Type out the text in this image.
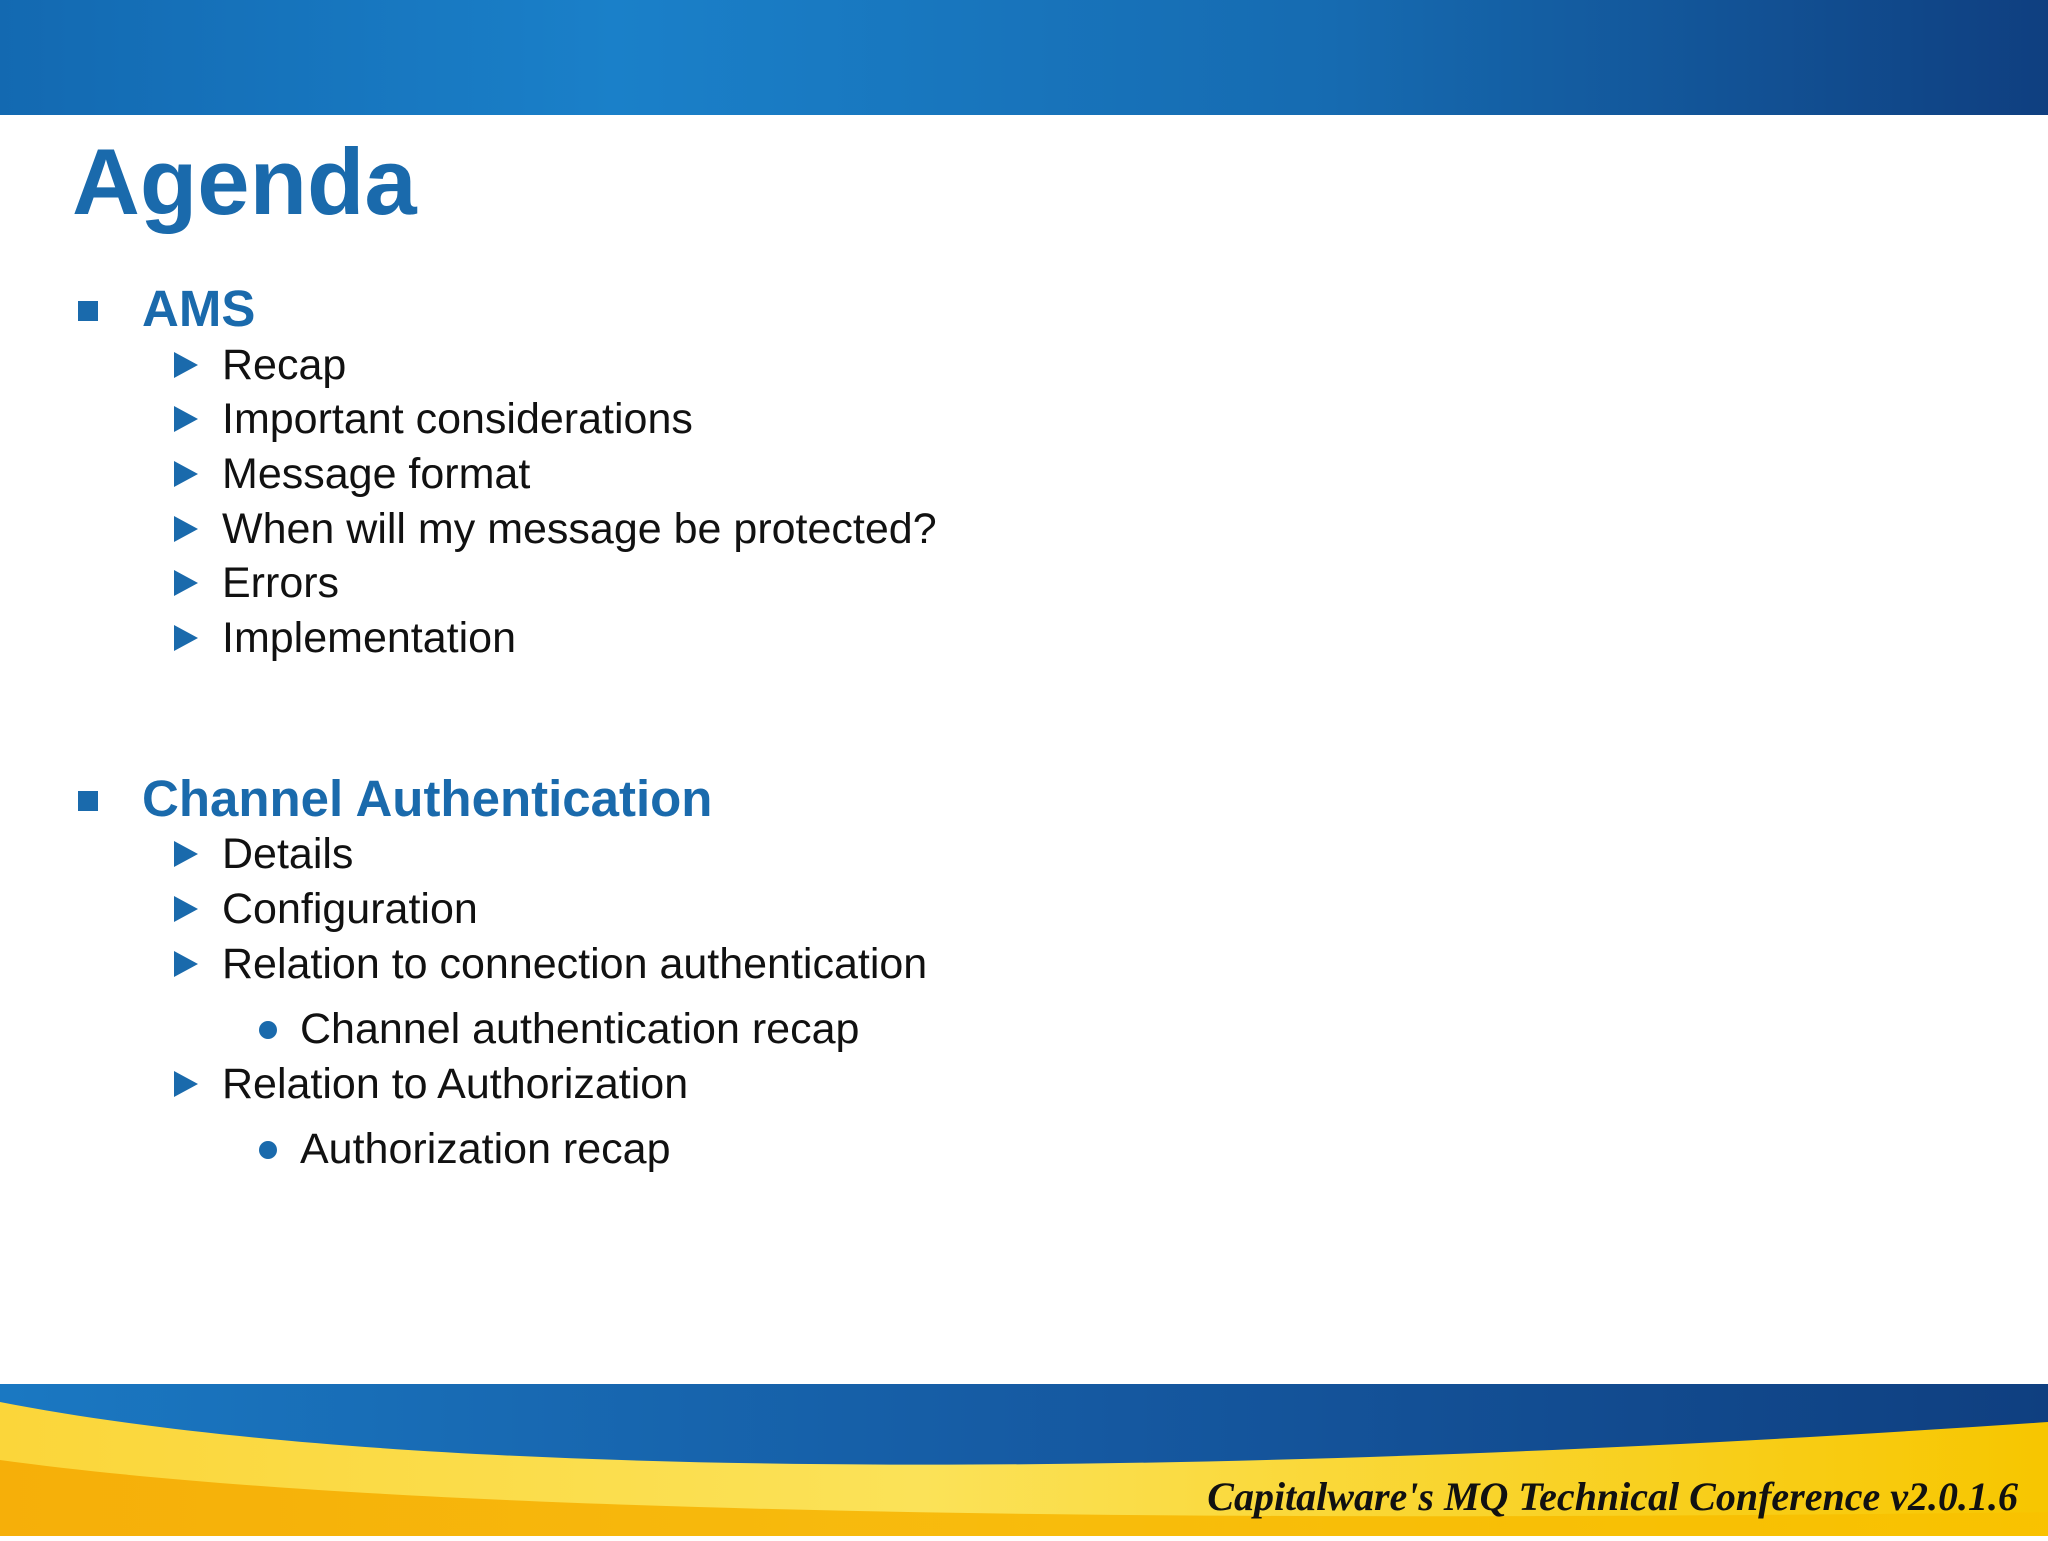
Agenda
AMS
Recap
Important considerations
Message format
When will my message be protected?
Errors
Implementation
Channel Authentication
Details
Configuration
Relation to connection authentication
Channel authentication recap
Relation to Authorization
Authorization recap
Capitalware's MQ Technical Conference v2.0.1.6
